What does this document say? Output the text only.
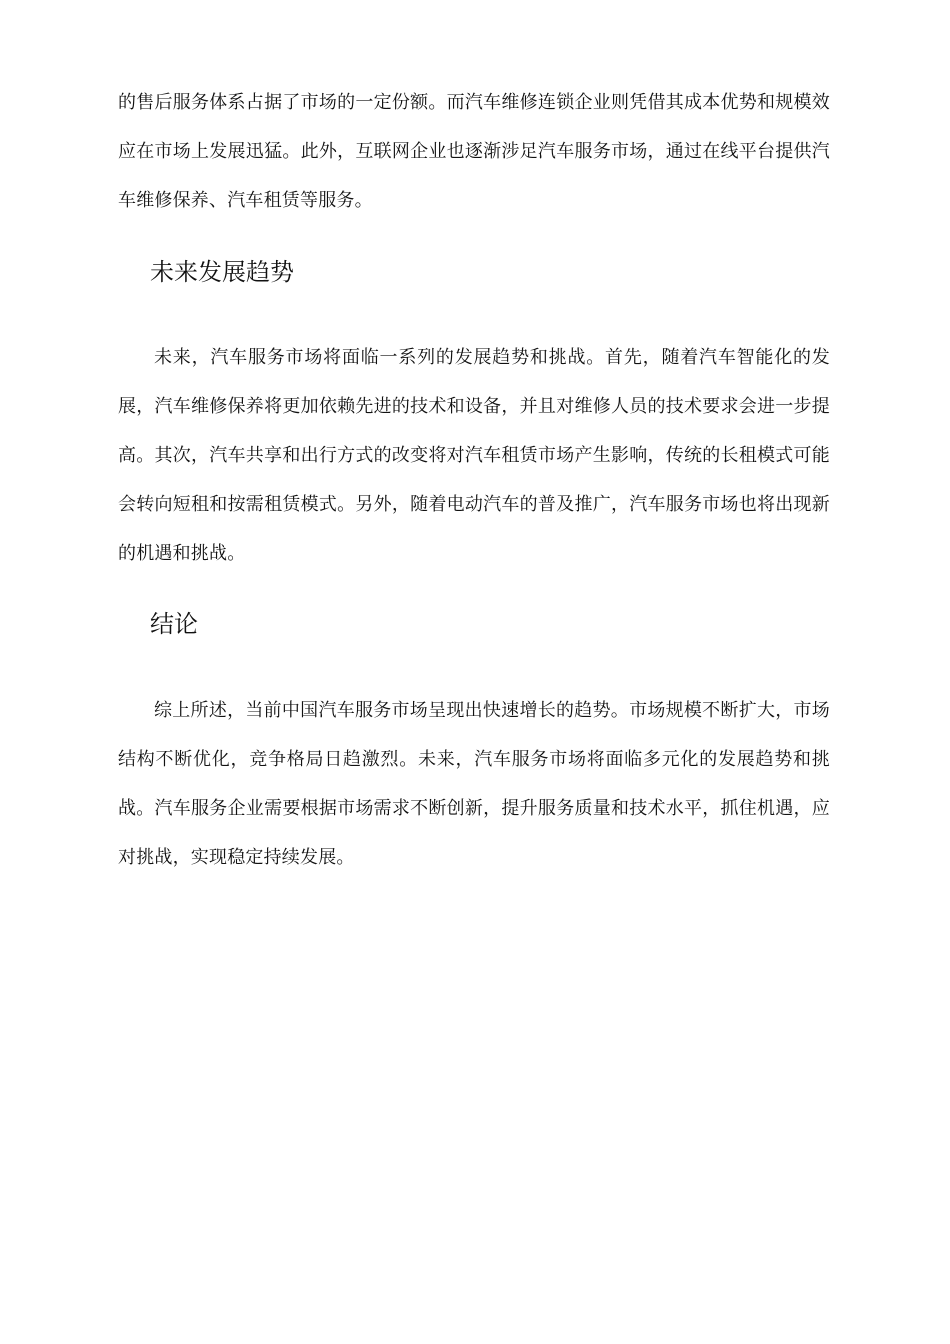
的售后服务体系占据了市场的一定份额。而汽车维修连锁企业则凭借其成本优势和规模效应在市场上发展迅猛。此外，互联网企业也逐渐涉足汽车服务市场，通过在线平台提供汽车维修保养、汽车租赁等服务。

未来发展趋势

未来，汽车服务市场将面临一系列的发展趋势和挑战。首先，随着汽车智能化的发展，汽车维修保养将更加依赖先进的技术和设备，并且对维修人员的技术要求会进一步提高。其次，汽车共享和出行方式的改变将对汽车租赁市场产生影响，传统的长租模式可能会转向短租和按需租赁模式。另外，随着电动汽车的普及推广，汽车服务市场也将出现新的机遇和挑战。

结论

综上所述，当前中国汽车服务市场呈现出快速增长的趋势。市场规模不断扩大，市场结构不断优化，竞争格局日趋激烈。未来，汽车服务市场将面临多元化的发展趋势和挑战。汽车服务企业需要根据市场需求不断创新，提升服务质量和技术水平，抓住机遇，应对挑战，实现稳定持续发展。
